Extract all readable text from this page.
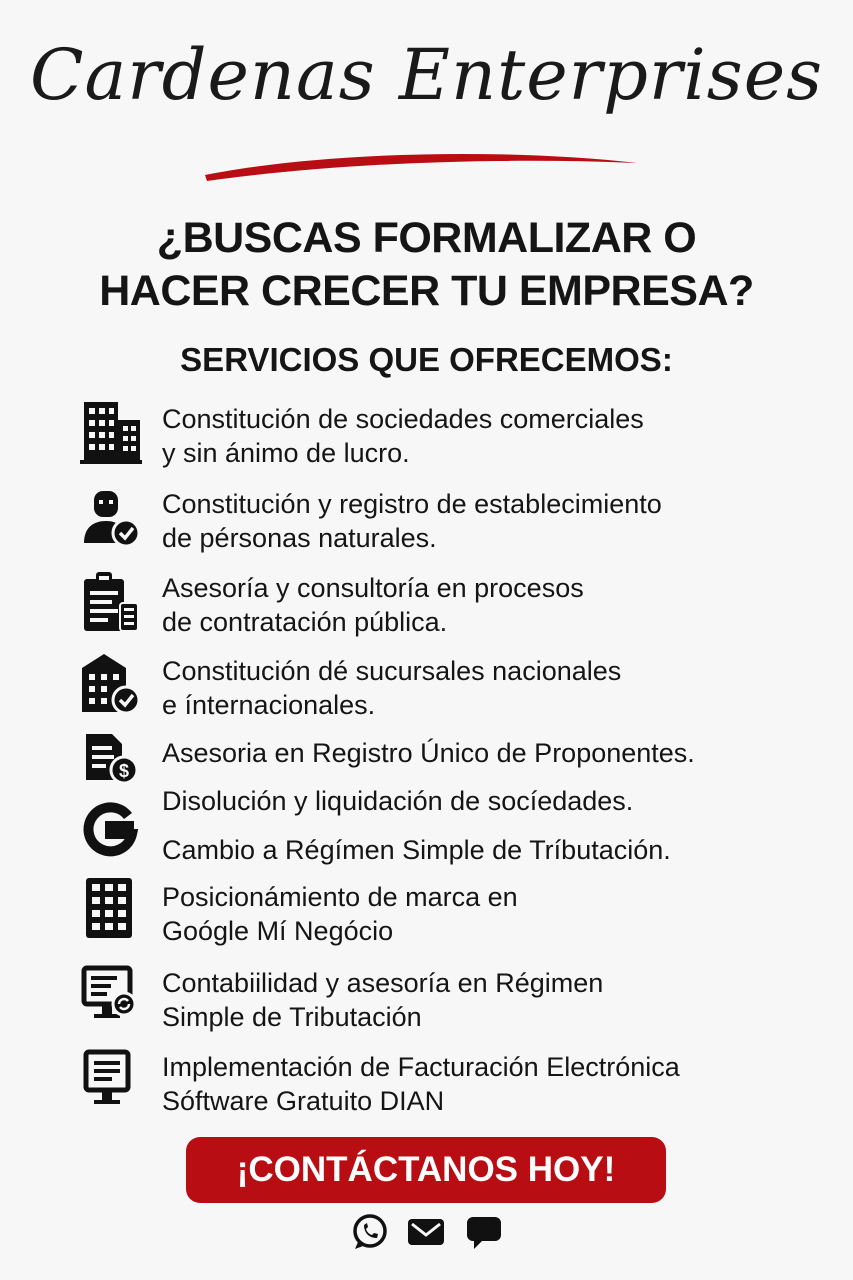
Cardenas Enterprises
¿BUSCAS FORMALIZAR O
HACER CRECER TU EMPRESA?
SERVICIOS QUE OFRECEMOS:
Constitución de sociedades comerciales
y sin ánimo de lucro.
Constitución y registro de establecimiento
de pérsonas naturales.
Asesoría y consultoría en procesos
de contratación pública.
Constitución dé sucursales nacionales
e ínternacionales.
$
Asesoria en Registro Único de Proponentes.
Disolución y liquidación de socíedades.
Cambio a Régímen Simple de Tríbutación.
Posicionámiento de marca en
Goóglе Mí Negócio
Contabiilidad y asesoría en Régimen
Simple de Tributación
Implementación de Facturación Electrónica
Sóftware Gratuito DIAN
¡CONTÁCTANOS HOY!
